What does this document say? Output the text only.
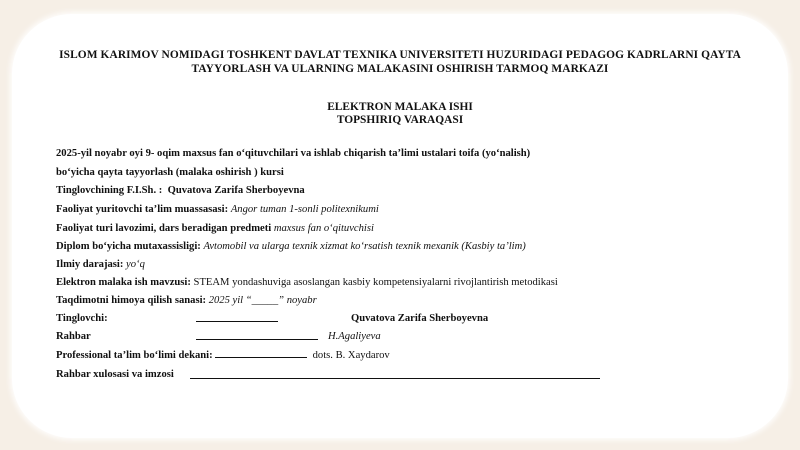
ISLOM KARIMOV NOMIDAGI TOSHKENT DAVLAT TEXNIKA UNIVERSITETI HUZURIDAGI PEDAGOG KADRLARNI QAYTA
TAYYORLASH VA ULARNING MALAKASINI OSHIRISH TARMOQ MARKAZI
ELEKTRON MALAKA ISHI
TOPSHIRIQ VARAQASI
2025-yil noyabr oyi 9- oqim maxsus fan o‘qituvchilari va ishlab chiqarish ta’limi ustalari toifa (yo‘nalish)
bo‘yicha qayta tayyorlash (malaka oshirish ) kursi
Tinglovchining F.I.Sh. : Quvatova Zarifa Sherboyevna
Faoliyat yuritovchi ta’lim muassasasi: Angor tuman 1-sonli politexnikumi
Faoliyat turi lavozimi, dars beradigan predmeti maxsus fan o‘qituvchisi
Diplom bo‘yicha mutaxassisligi: Avtomobil va ularga texnik xizmat ko‘rsatish texnik mexanik (Kasbiy ta’lim)
Ilmiy darajasi: yo‘q
Elektron malaka ish mavzusi: STEAM yondashuviga asoslangan kasbiy kompetensiyalarni rivojlantirish metodikasi
Taqdimotni himoya qilish sanasi: 2025 yil “_____” noyabr
Tinglovchi:	Quvatova Zarifa Sherboyevna
Rahbar	H.Agaliyeva
Professional ta’lim bo‘limi dekani:	dots. B. Xaydarov
Rahbar xulosasi va imzosi
